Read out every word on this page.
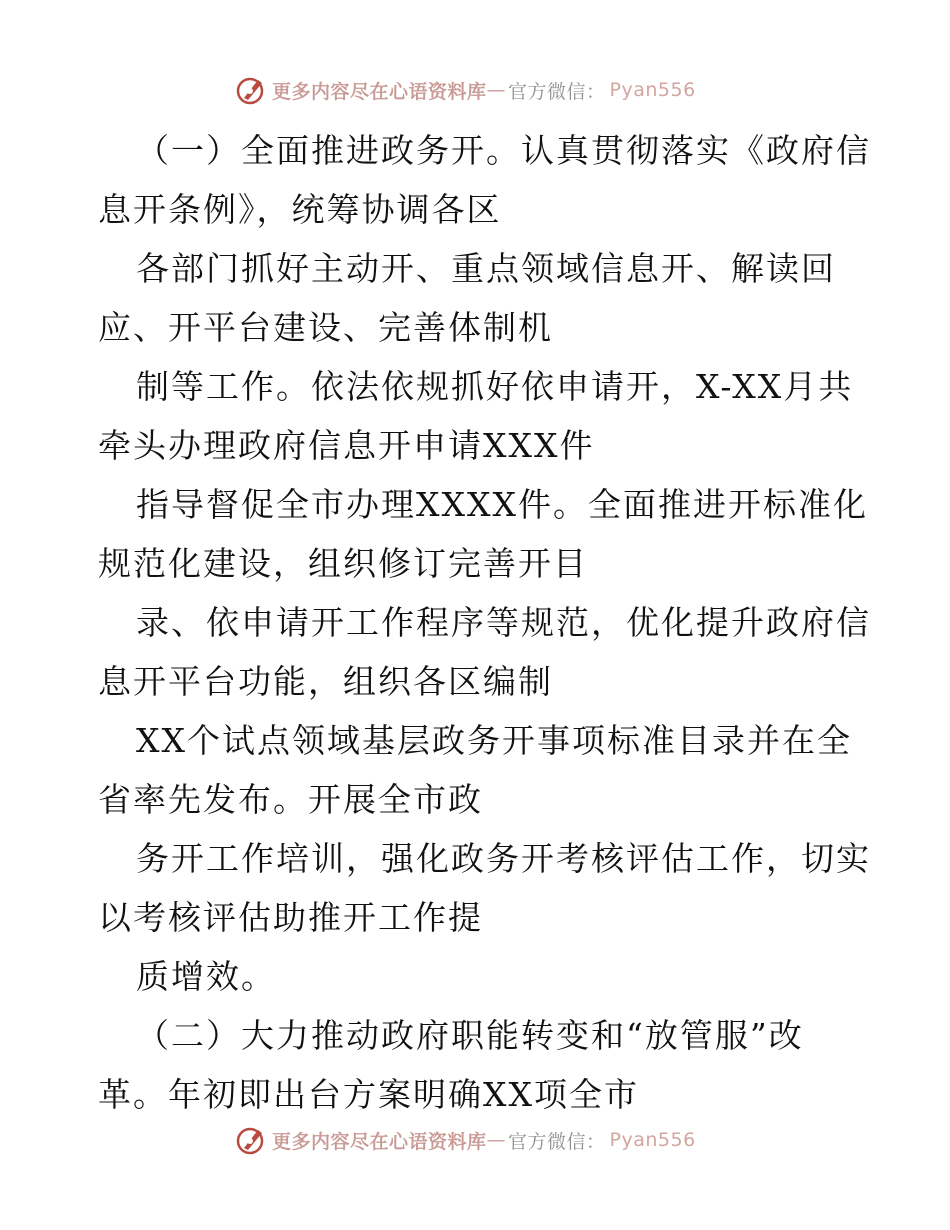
更多内容尽在心语资料库 — 官方微信： Pyan556

（一）全面推进政务开。认真贯彻落实《政府信
息开条例》，统筹协调各区

各部门抓好主动开、重点领域信息开、解读回
应、开平台建设、完善体制机

制等工作。依法依规抓好依申请开，X-XX月共
牵头办理政府信息开申请XXX件

指导督促全市办理XXXX件。全面推进开标准化
规范化建设，组织修订完善开目

录、依申请开工作程序等规范，优化提升政府信
息开平台功能，组织各区编制

XX个试点领域基层政务开事项标准目录并在全
省率先发布。开展全市政

务开工作培训，强化政务开考核评估工作，切实
以考核评估助推开工作提

质增效。

（二）大力推动政府职能转变和“放管服”改
革。年初即出台方案明确XX项全市

更多内容尽在心语资料库 — 官方微信： Pyan556
